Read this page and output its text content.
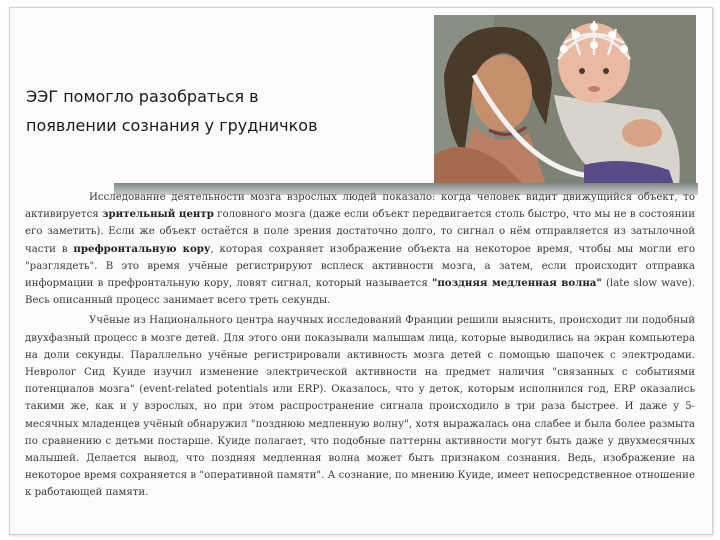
ЭЭГ помогло разобраться в появлении сознания у грудничков

Исследование деятельности мозга взрослых людей показало: когда человек видит движущийся объект, то активируется зрительный центр головного мозга (даже если объект передвигается столь быстро, что мы не в состоянии его заметить). Если же объект остаётся в поле зрения достаточно долго, то сигнал о нём отправляется из затылочной части в префронтальную кору, которая сохраняет изображение объекта на некоторое время, чтобы мы могли его "разглядеть". В это время учёные регистрируют всплеск активности мозга, а затем, если происходит отправка информации в префронтальную кору, ловят сигнал, который называется "поздняя медленная волна" (late slow wave). Весь описанный процесс занимает всего треть секунды.

Учёные из Национального центра научных исследований Франции решили выяснить, происходит ли подобный двухфазный процесс в мозге детей. Для этого они показывали малышам лица, которые выводились на экран компьютера на доли секунды. Параллельно учёные регистрировали активность мозга детей с помощью шапочек с электродами. Невролог Сид Куиде изучил изменение электрической активности на предмет наличия "связанных с событиями потенциалов мозга" (event-related potentials или ERP). Оказалось, что у деток, которым исполнился год, ERP оказались такими же, как и у взрослых, но при этом распространение сигнала происходило в три раза быстрее. И даже у 5-месячных младенцев учёный обнаружил "позднюю медленную волну", хотя выражалась она слабее и была более размыта по сравнению с детьми постарше. Куиде полагает, что подобные паттерны активности могут быть даже у двухмесячных малышей. Делается вывод, что поздняя медленная волна может быть признаком сознания. Ведь, изображение на некоторое время сохраняется в "оперативной памяти". А сознание, по мнению Куиде, имеет непосредственное отношение к работающей памяти.
